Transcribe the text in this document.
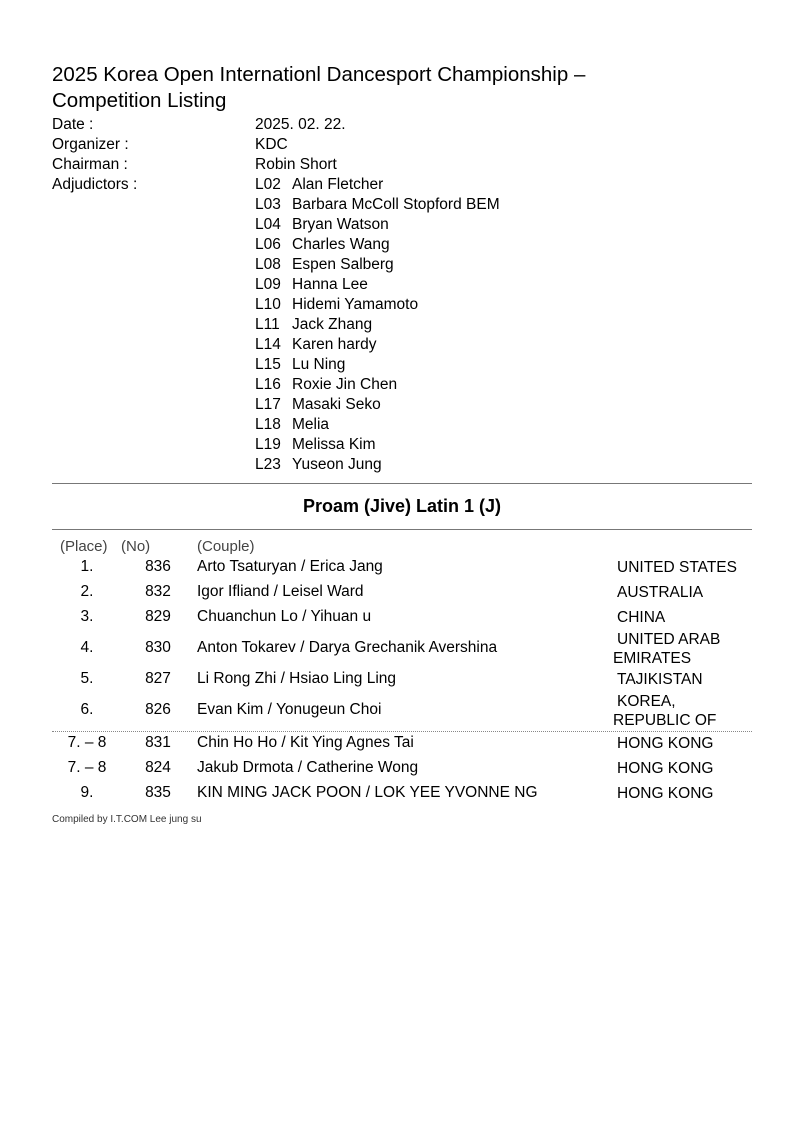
2025 Korea Open Internationl Dancesport Championship – Competition Listing
Date :	2025. 02. 22.
Organizer :	KDC
Chairman :	Robin Short
Adjudictors :	L02 Alan Fletcher
L03 Barbara McColl Stopford BEM
L04 Bryan Watson
L06 Charles Wang
L08 Espen Salberg
L09 Hanna Lee
L10 Hidemi Yamamoto
L11 Jack Zhang
L14 Karen hardy
L15 Lu Ning
L16 Roxie Jin Chen
L17 Masaki Seko
L18 Melia
L19 Melissa Kim
L23 Yuseon Jung
Proam (Jive) Latin 1 (J)
(Place) (No)	(Couple)
1.	836	Arto Tsaturyan / Erica Jang	UNITED STATES
2.	832	Igor Ifliand / Leisel Ward	AUSTRALIA
3.	829	Chuanchun Lo / Yihuan u	CHINA
4.	830	Anton Tokarev / Darya Grechanik Avershina	UNITED ARAB EMIRATES
5.	827	Li Rong Zhi / Hsiao Ling Ling	TAJIKISTAN
6.	826	Evan Kim / Yonugeun Choi	KOREA, REPUBLIC OF
7. – 8	831	Chin Ho Ho / Kit Ying Agnes Tai	HONG KONG
7. – 8	824	Jakub Drmota / Catherine Wong	HONG KONG
9.	835	KIN MING JACK POON / LOK YEE YVONNE NG	HONG KONG
Compiled by I.T.COM Lee jung su
